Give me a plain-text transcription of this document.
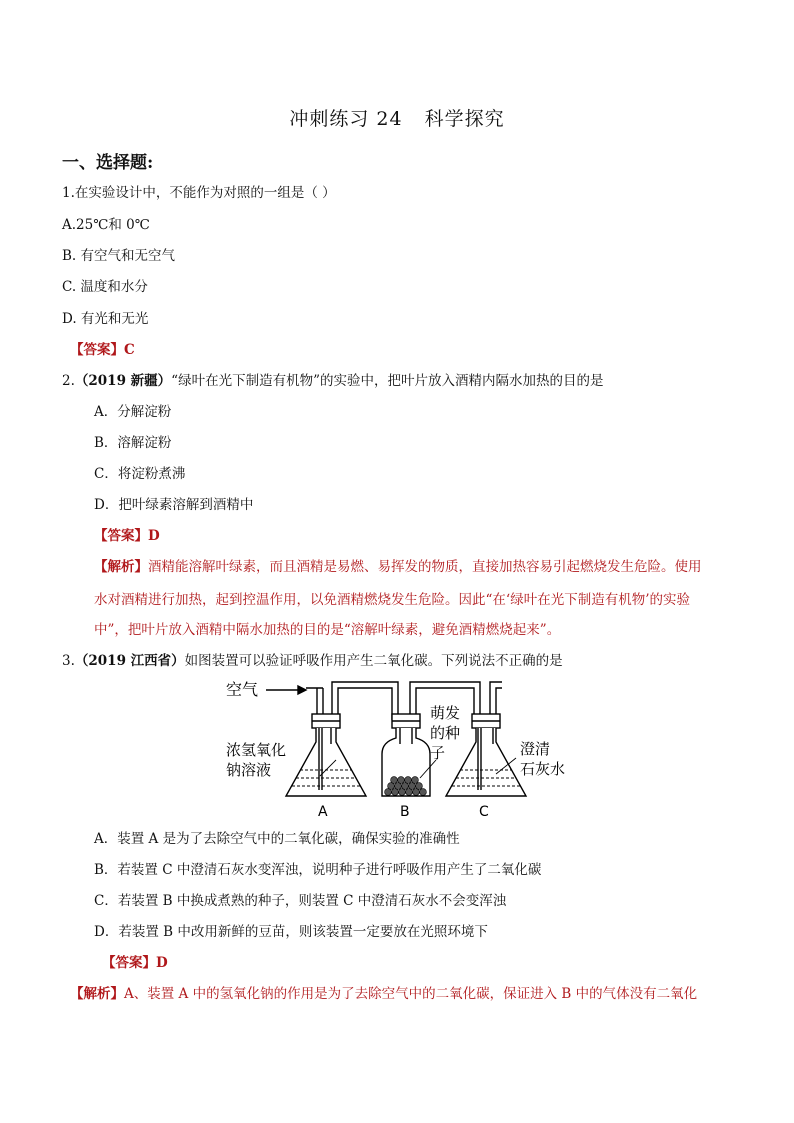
冲刺练习 24 科学探究
一、选择题:
1.在实验设计中，不能作为对照的一组是（ ）
A.25℃和 0℃
B. 有空气和无空气
C. 温度和水分
D. 有光和无光
【答案】C
2.（2019 新疆）“绿叶在光下制造有机物”的实验中，把叶片放入酒精内隔水加热的目的是
A．分解淀粉
B．溶解淀粉
C．将淀粉煮沸
D．把叶绿素溶解到酒精中
【答案】D
【解析】酒精能溶解叶绿素，而且酒精是易燃、易挥发的物质，直接加热容易引起燃烧发生危险。使用
水对酒精进行加热，起到控温作用，以免酒精燃烧发生危险。因此“在‘绿叶在光下制造有机物’的实验
中”，把叶片放入酒精中隔水加热的目的是“溶解叶绿素，避免酒精燃烧起来”。
3.（2019 江西省）如图装置可以验证呼吸作用产生二氧化碳。下列说法不正确的是
空气
浓氢氧化
钠溶液
萌发
的种
子	澄清
石灰水
A	B	C
A．装置 A 是为了去除空气中的二氧化碳，确保实验的准确性
B．若装置 C 中澄清石灰水变浑浊，说明种子进行呼吸作用产生了二氧化碳
C．若装置 B 中换成煮熟的种子，则装置 C 中澄清石灰水不会变浑浊
D．若装置 B 中改用新鲜的豆苗，则该装置一定要放在光照环境下
【答案】D
【解析】A、装置 A 中的氢氧化钠的作用是为了去除空气中的二氧化碳，保证进入 B 中的气体没有二氧化
